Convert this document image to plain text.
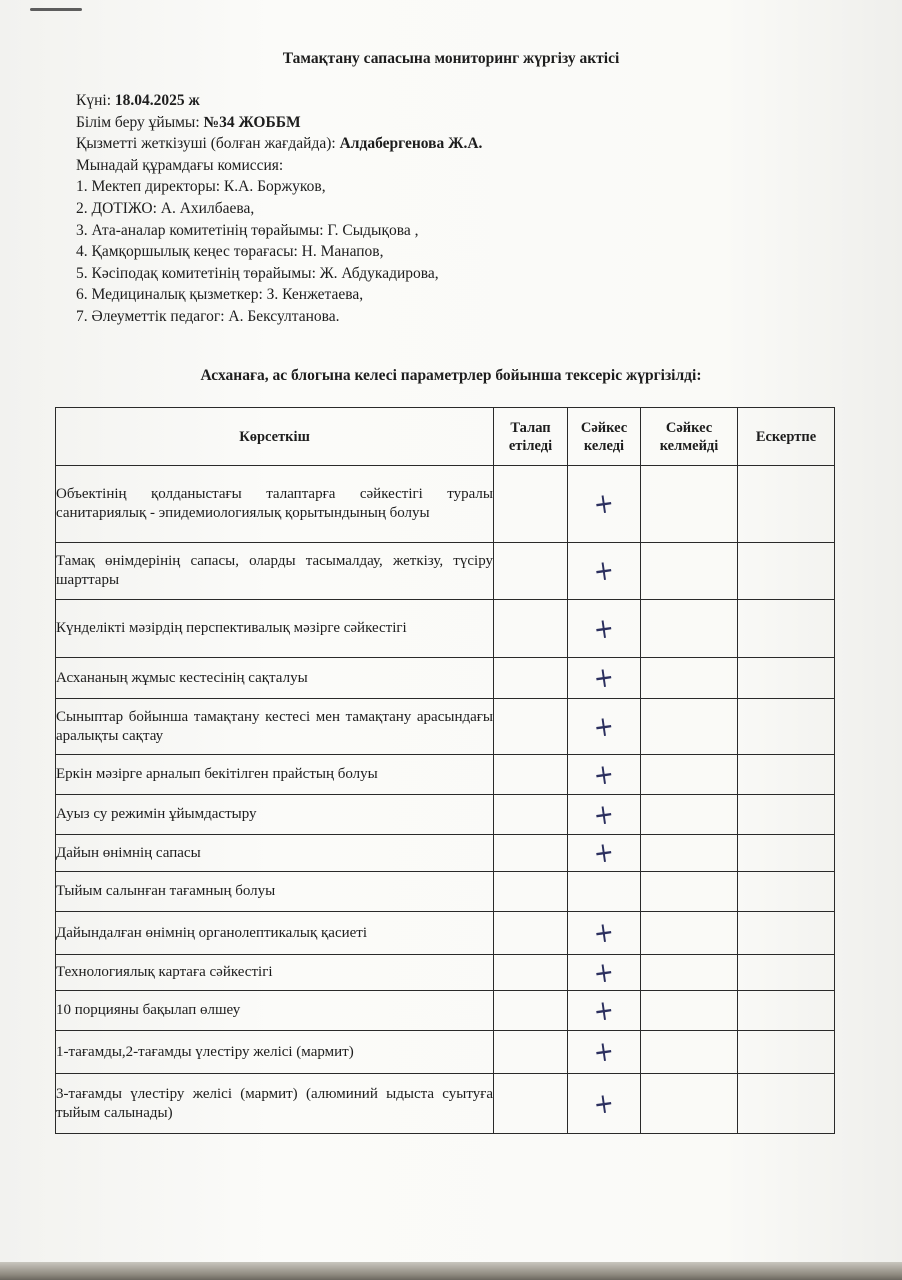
Тамақтану сапасына мониторинг жүргізу актісі
Күні: 18.04.2025 ж
Білім беру ұйымы: №34 ЖОББМ
Қызметті жеткізуші (болған жағдайда): Алдабергенова Ж.А.
Мынадай құрамдағы комиссия:
1. Мектеп директоры: К.А. Боржуков,
2. ДОТІЖО: А. Ахилбаева,
3. Ата-аналар комитетінің төрайымы: Г. Сыдықова ,
4. Қамқоршылық кеңес төрағасы: Н. Манапов,
5. Кәсіподақ комитетінің төрайымы: Ж. Абдукадирова,
6. Медициналық қызметкер: З. Кенжетаева,
7. Әлеуметтік педагог: А. Бексултанова.
Асханаға, ас блогына келесі параметрлер бойынша тексеріс жүргізілді:
Көрсеткіш	Талап етіледі	Сәйкес келеді	Сәйкес келмейді	Ескертпе
Объектінің қолданыстағы талаптарға сәйкестігі туралы санитариялық - эпидемиологиялық қорытындының болуы		+		
Тамақ өнімдерінің сапасы, оларды тасымалдау, жеткізу, түсіру шарттары		+		
Күнделікті мәзірдің перспективалық мәзірге сәйкестігі		+		
Асхананың жұмыс кестесінің сақталуы		+		
Сыныптар бойынша тамақтану кестесі мен тамақтану арасындағы аралықты сақтау		+		
Еркін мәзірге арналып бекітілген прайстың болуы		+		
Ауыз су режимін ұйымдастыру		+		
Дайын өнімнің сапасы		+		
Тыйым салынған тағамның болуы				
Дайындалған өнімнің органолептикалық қасиеті		+		
Технологиялық картаға сәйкестігі		+		
10 порцияны бақылап өлшеу		+		
1-тағамды,2-тағамды үлестіру желісі (мармит)		+		
3-тағамды үлестіру желісі (мармит) (алюминий ыдыста суытуға тыйым салынады)		+		
